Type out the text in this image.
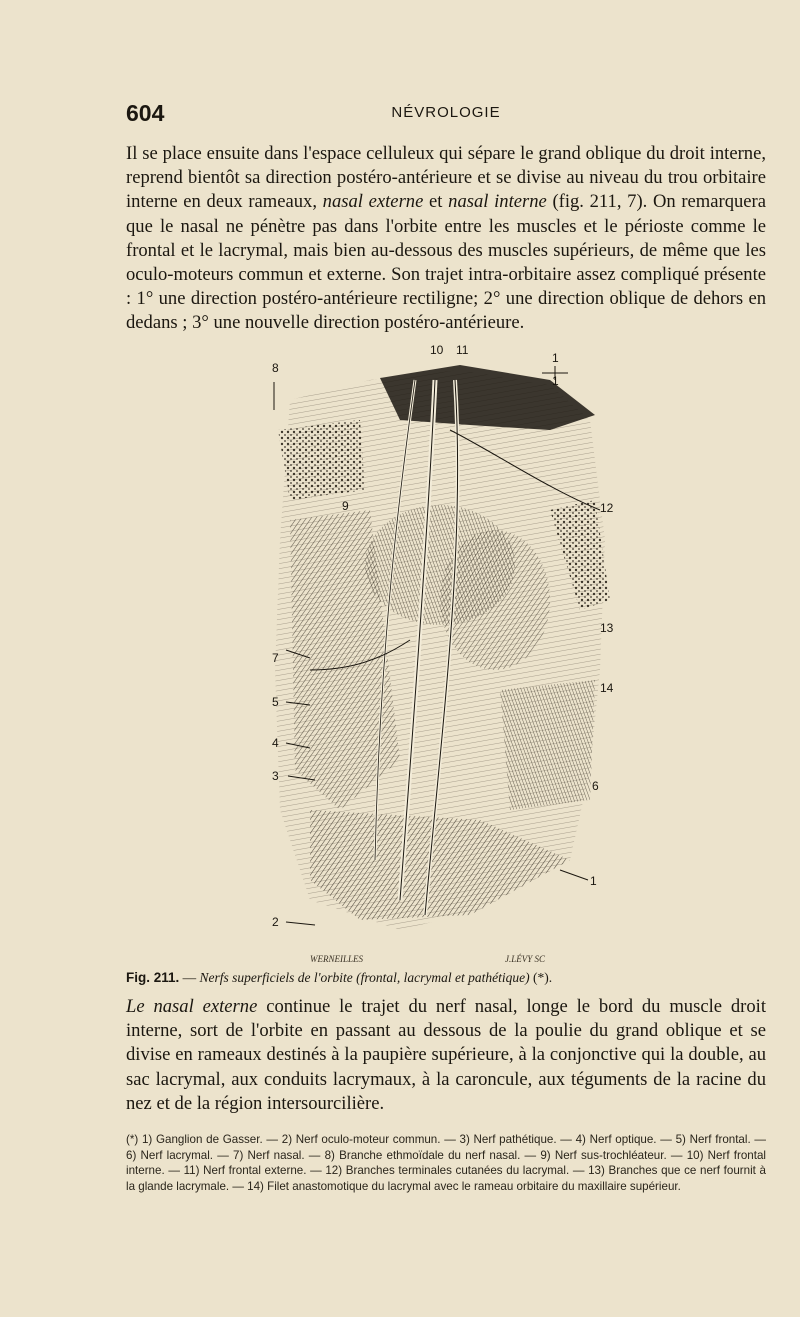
604	NÉVROLOGIE

Il se place ensuite dans l'espace celluleux qui sépare le grand oblique du droit interne, reprend bientôt sa direction postéro-antérieure et se divise au niveau du trou orbitaire interne en deux rameaux, nasal externe et nasal interne (fig. 211, 7). On remarquera que le nasal ne pénètre pas dans l'orbite entre les muscles et le périoste comme le frontal et le lacrymal, mais bien au-dessous des muscles supérieurs, de même que les oculo-moteurs commun et externe. Son trajet intra-orbitaire assez compliqué présente : 1° une direction postéro-antérieure rectiligne; 2° une direction oblique de dehors en dedans ; 3° une nouvelle direction postéro-antérieure.

8
10 11
1
1
9	12
13
7
14
5
4
3
6
1
2
WERNEILLES	J.LÉVY SC
Fig. 211. — Nerfs superficiels de l'orbite (frontal, lacrymal et pathétique) (*).

Le nasal externe continue le trajet du nerf nasal, longe le bord du muscle droit interne, sort de l'orbite en passant au dessous de la poulie du grand oblique et se divise en rameaux destinés à la paupière supérieure, à la conjonctive qui la double, au sac lacrymal, aux conduits lacrymaux, à la caroncule, aux téguments de la racine du nez et de la région intersourcilière.

(*) 1) Ganglion de Gasser. — 2) Nerf oculo-moteur commun. — 3) Nerf pathétique. — 4) Nerf optique. — 5) Nerf frontal. — 6) Nerf lacrymal. — 7) Nerf nasal. — 8) Branche ethmoïdale du nerf nasal. — 9) Nerf sus-trochléateur. — 10) Nerf frontal interne. — 11) Nerf frontal externe. — 12) Branches terminales cutanées du lacrymal. — 13) Branches que ce nerf fournit à la glande lacrymale. — 14) Filet anastomotique du lacrymal avec le rameau orbitaire du maxillaire supérieur.
